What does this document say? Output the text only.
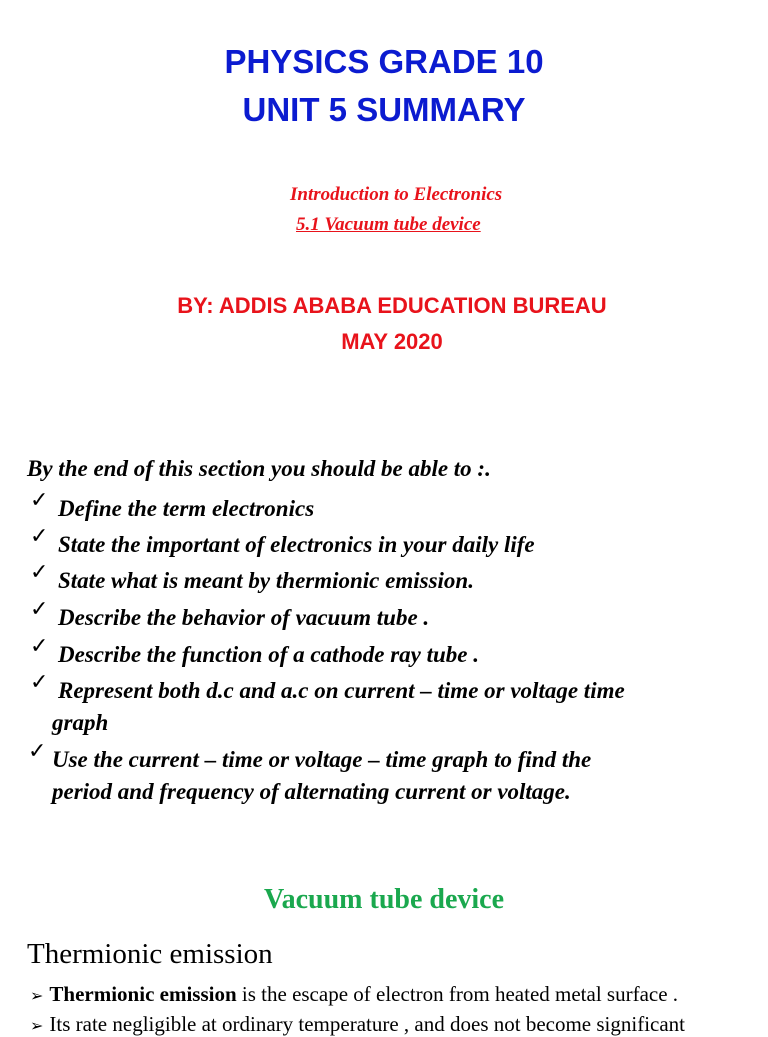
PHYSICS GRADE 10
UNIT 5 SUMMARY
Introduction to Electronics
5.1 Vacuum tube device
BY: ADDIS ABABA EDUCATION BUREAU
MAY 2020
By the end of this section you should be able to :.
✓ Define the term electronics
✓ State the important of electronics in your daily life
✓ State what is meant by thermionic emission.
✓ Describe the behavior of vacuum tube .
✓ Describe the function of a cathode ray tube .
✓ Represent both d.c and a.c on current – time or voltage time
graph
✓ Use the current – time or voltage – time graph to find the
period and frequency of alternating current or voltage.
Vacuum tube device
Thermionic emission
➢ Thermionic emission is the escape of electron from heated metal surface .
➢ Its rate negligible at ordinary temperature , and does not become significant
